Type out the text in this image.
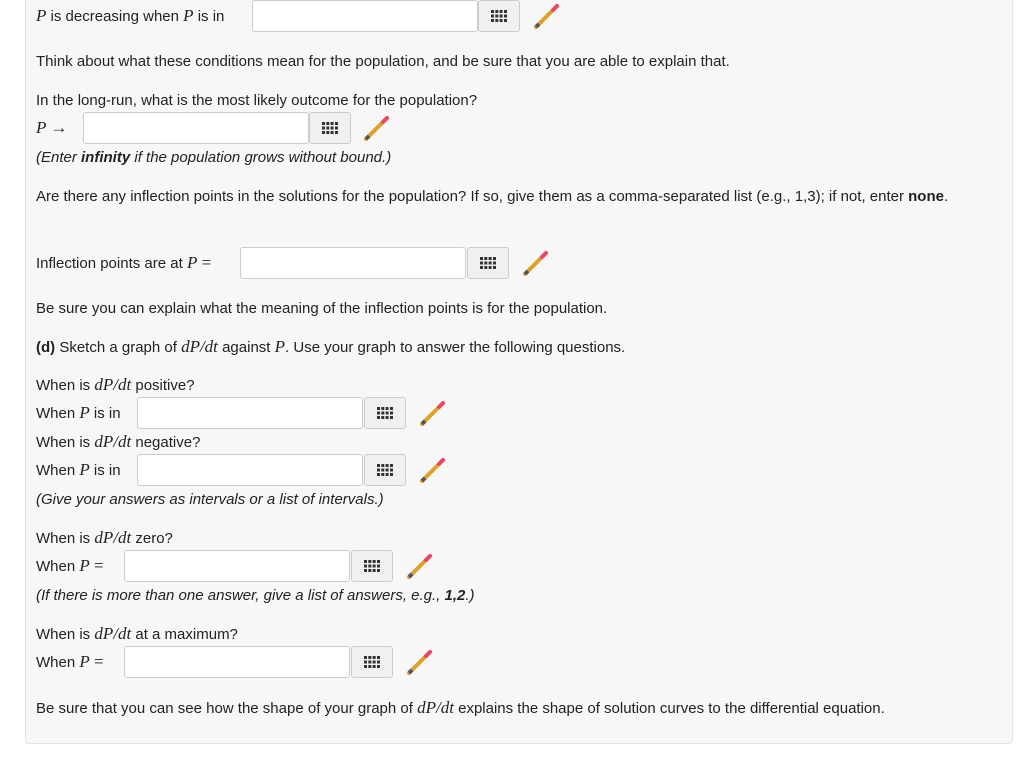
P is decreasing when P is in
Think about what these conditions mean for the population, and be sure that you are able to explain that.
In the long-run, what is the most likely outcome for the population?
P →
(Enter infinity if the population grows without bound.)
Are there any inflection points in the solutions for the population? If so, give them as a comma-separated list (e.g., 1,3); if not, enter none.
Inflection points are at P =
Be sure you can explain what the meaning of the inflection points is for the population.
(d) Sketch a graph of dP/dt against P. Use your graph to answer the following questions.
When is dP/dt positive?
When P is in
When is dP/dt negative?
When P is in
(Give your answers as intervals or a list of intervals.)
When is dP/dt zero?
When P =
(If there is more than one answer, give a list of answers, e.g., 1,2.)
When is dP/dt at a maximum?
When P =
Be sure that you can see how the shape of your graph of dP/dt explains the shape of solution curves to the differential equation.
